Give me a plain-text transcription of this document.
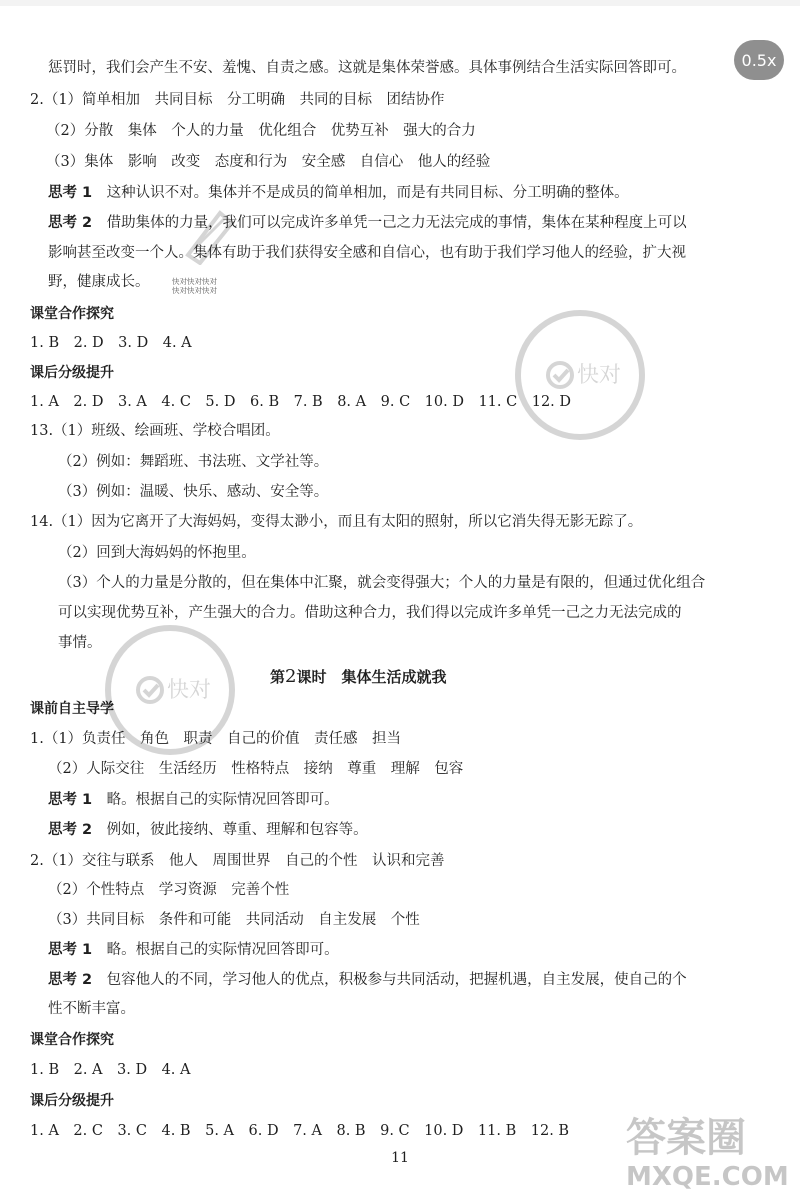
0.5x
惩罚时，我们会产生不安、羞愧、自责之感。这就是集体荣誉感。具体事例结合生活实际回答即可。
2.（1）简单相加　共同目标　分工明确　共同的目标　团结协作
（2）分散　集体　个人的力量　优化组合　优势互补　强大的合力
（3）集体　影响　改变　态度和行为　安全感　自信心　他人的经验
思考 1　 这种认识不对。集体并不是成员的简单相加，而是有共同目标、分工明确的整体。
思考 2　 借助集体的力量，我们可以完成许多单凭一己之力无法完成的事情，集体在某种程度上可以
影响甚至改变一个人。集体有助于我们获得安全感和自信心，也有助于我们学习他人的经验，扩大视
野，健康成长。	快对快对快对
快对快对快对
课堂合作探究
1. B　2. D　3. D　4. A
课后分级提升
1. A　2. D　3. A　4. C　5. D　6. B　7. B　8. A　9. C　10. D　11. C　12. D
13.（1）班级、绘画班、学校合唱团。
（2）例如：舞蹈班、书法班、文学社等。
（3）例如：温暖、快乐、感动、安全等。
14.（1）因为它离开了大海妈妈，变得太渺小，而且有太阳的照射，所以它消失得无影无踪了。
（2）回到大海妈妈的怀抱里。
（3）个人的力量是分散的，但在集体中汇聚，就会变得强大；个人的力量是有限的，但通过优化组合
可以实现优势互补，产生强大的合力。借助这种合力，我们得以完成许多单凭一己之力无法完成的
事情。
第2课时　集体生活成就我
课前自主导学
1.（1）负责任　角色　职责　自己的价值　责任感　担当
（2）人际交往　生活经历　性格特点　接纳　尊重　理解　包容
思考 1　 略。根据自己的实际情况回答即可。
思考 2　 例如，彼此接纳、尊重、理解和包容等。
2.（1）交往与联系　他人　周围世界　自己的个性　认识和完善
（2）个性特点　学习资源　完善个性
（3）共同目标　条件和可能　共同活动　自主发展　个性
思考 1　 略。根据自己的实际情况回答即可。
思考 2　 包容他人的不同，学习他人的优点，积极参与共同活动，把握机遇，自主发展，使自己的个
性不断丰富。
课堂合作探究
1. B　2. A　3. D　4. A
课后分级提升
1. A　2. C　3. C　4. B　5. A　6. D　7. A　8. B　9. C　10. D　11. B　12. B
11
快对
快对
答案圈
MXQE.COM
